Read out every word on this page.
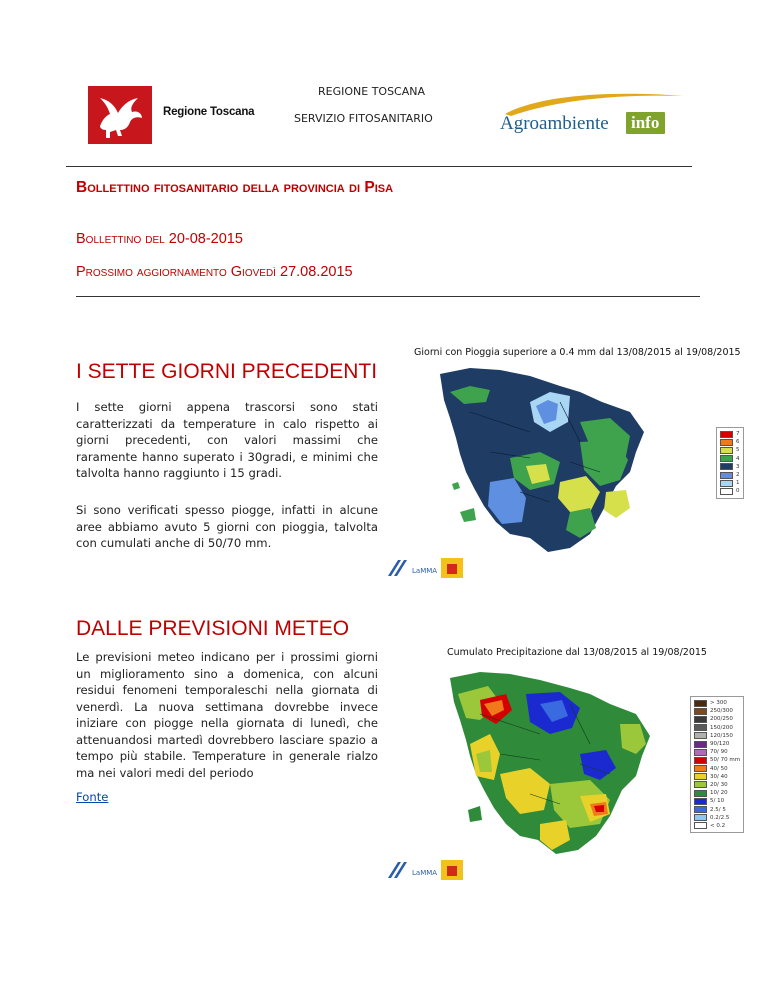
Regione Toscana
REGIONE TOSCANA
SERVIZIO FITOSANITARIO	Agroambiente info
Bollettino fitosanitario della provincia di Pisa
Bollettino del 20-08-2015
Prossimo aggiornamento Giovedì 27.08.2015
I SETTE GIORNI PRECEDENTI
I sette giorni appena trascorsi sono stati caratterizzati da temperature in calo rispetto ai giorni precedenti, con valori massimi che raramente hanno superato i 30gradi, e minimi che talvolta hanno raggiunto i 15 gradi.
Si sono verificati spesso piogge, infatti in alcune aree abbiamo avuto 5 giorni con pioggia, talvolta con cumulati anche di 50/70 mm.
Giorni con Pioggia superiore a 0.4 mm dal 13/08/2015 al 19/08/2015
7
6
5
4
3
2
1
0
LaMMA
DALLE PREVISIONI METEO
Le previsioni meteo indicano per i prossimi giorni un miglioramento sino a domenica, con alcuni residui fenomeni temporaleschi nella giornata di venerdì. La nuova settimana dovrebbe invece iniziare con piogge nella giornata di lunedì, che attenuandosi martedì dovrebbero lasciare spazio a tempo più stabile. Temperature in generale rialzo ma nei valori medi del periodo
Fonte
Cumulato Precipitazione dal 13/08/2015 al 19/08/2015
> 300
250/300
200/250
150/200
120/150
90/120
70/ 90
50/ 70 mm
40/ 50
30/ 40
20/ 30
10/ 20
5/ 10
2.5/ 5
0.2/2.5
< 0.2
LaMMA
